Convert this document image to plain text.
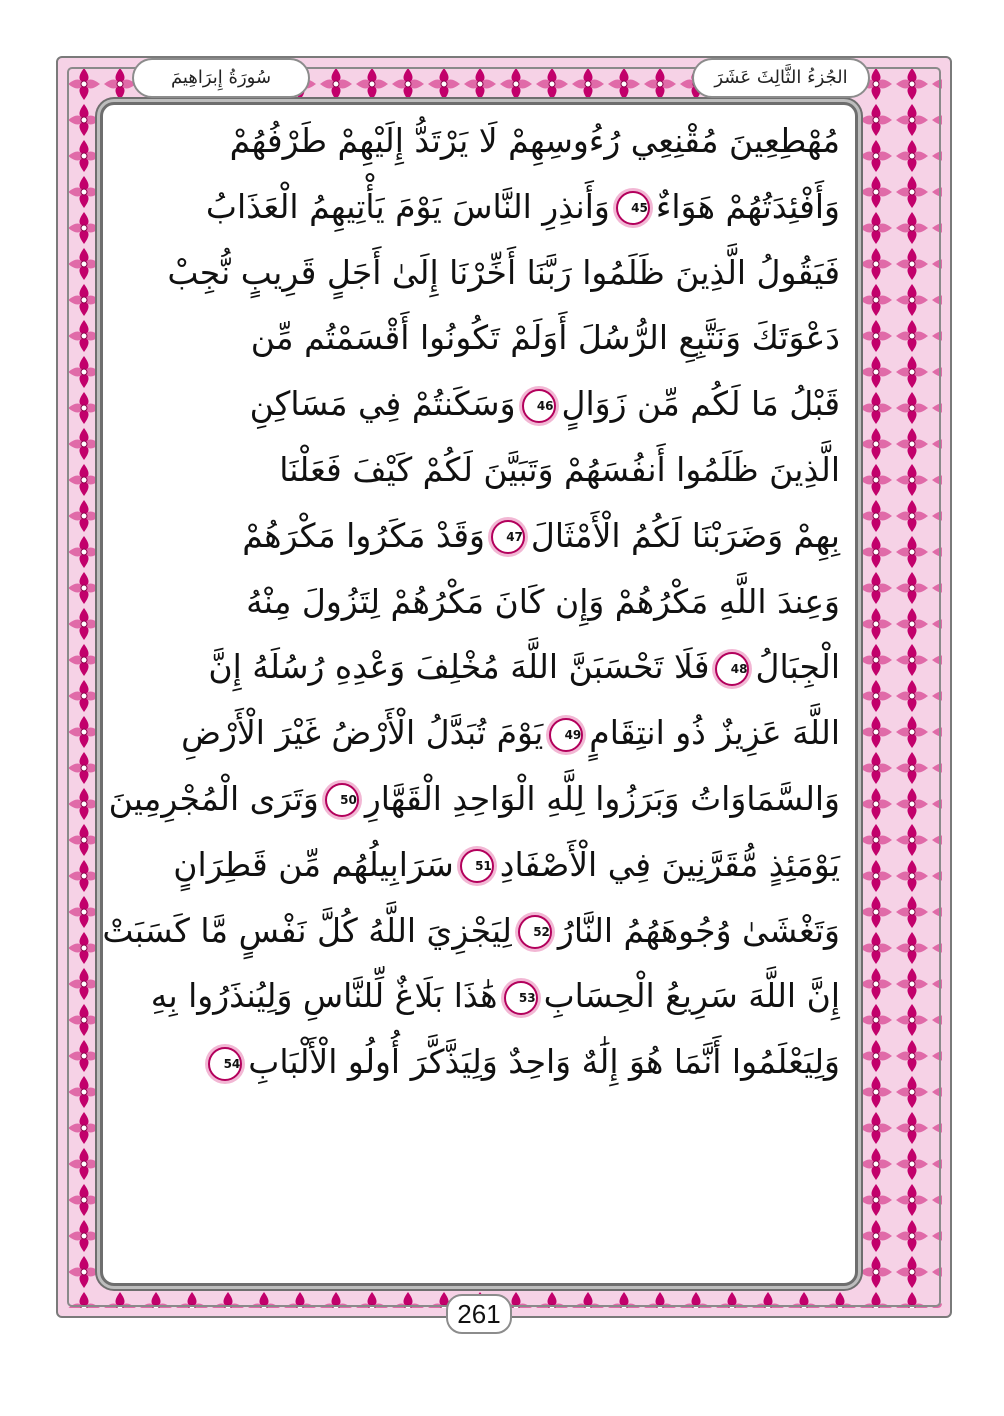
الجُزءُ الثَّالِثَ عَشَرَ
سُورَةُ إِبرَاهِيمَ
مُهْطِعِينَ مُقْنِعِي رُءُوسِهِمْ لَا يَرْتَدُّ إِلَيْهِمْ طَرْفُهُمْ
وَأَفْئِدَتُهُمْ هَوَاءٌ45وَأَنذِرِ النَّاسَ يَوْمَ يَأْتِيهِمُ الْعَذَابُ
فَيَقُولُ الَّذِينَ ظَلَمُوا رَبَّنَا أَخِّرْنَا إِلَىٰ أَجَلٍ قَرِيبٍ نُّجِبْ
دَعْوَتَكَ وَنَتَّبِعِ الرُّسُلَ أَوَلَمْ تَكُونُوا أَقْسَمْتُم مِّن
قَبْلُ مَا لَكُم مِّن زَوَالٍ46وَسَكَنتُمْ فِي مَسَاكِنِ
الَّذِينَ ظَلَمُوا أَنفُسَهُمْ وَتَبَيَّنَ لَكُمْ كَيْفَ فَعَلْنَا
بِهِمْ وَضَرَبْنَا لَكُمُ الْأَمْثَالَ47وَقَدْ مَكَرُوا مَكْرَهُمْ
وَعِندَ اللَّهِ مَكْرُهُمْ وَإِن كَانَ مَكْرُهُمْ لِتَزُولَ مِنْهُ
الْجِبَالُ48فَلَا تَحْسَبَنَّ اللَّهَ مُخْلِفَ وَعْدِهِ رُسُلَهُ إِنَّ
اللَّهَ عَزِيزٌ ذُو انتِقَامٍ49يَوْمَ تُبَدَّلُ الْأَرْضُ غَيْرَ الْأَرْضِ
وَالسَّمَاوَاتُ وَبَرَزُوا لِلَّهِ الْوَاحِدِ الْقَهَّارِ50وَتَرَى الْمُجْرِمِينَ
يَوْمَئِذٍ مُّقَرَّنِينَ فِي الْأَصْفَادِ51سَرَابِيلُهُم مِّن قَطِرَانٍ
وَتَغْشَىٰ وُجُوهَهُمُ النَّارُ52لِيَجْزِيَ اللَّهُ كُلَّ نَفْسٍ مَّا كَسَبَتْ
إِنَّ اللَّهَ سَرِيعُ الْحِسَابِ53هَٰذَا بَلَاغٌ لِّلنَّاسِ وَلِيُنذَرُوا بِهِ
وَلِيَعْلَمُوا أَنَّمَا هُوَ إِلَٰهٌ وَاحِدٌ وَلِيَذَّكَّرَ أُولُو الْأَلْبَابِ54
261
